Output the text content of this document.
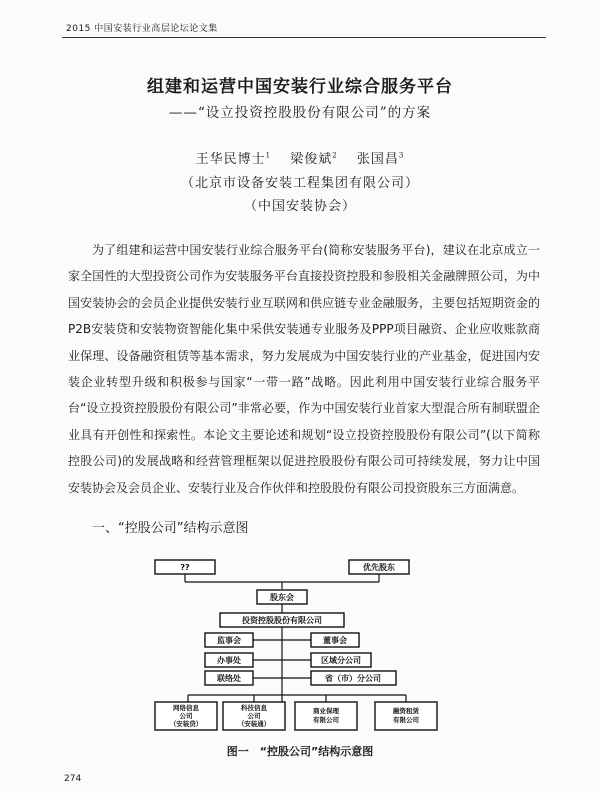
2015 中国安装行业高层论坛论文集
组建和运营中国安装行业综合服务平台
——“设立投资控股股份有限公司”的方案
王华民博士$^1$   梁俊斌$^2$   张国昌$^3$
（北京市设备安装工程集团有限公司）
（中国安装协会）
为了组建和运营中国安装行业综合服务平台(简称安装服务平台)，建议在北京成立一家全国性的大型投资公司作为安装服务平台直接投资控股和参股相关金融牌照公司，为中国安装协会的会员企业提供安装行业互联网和供应链专业金融服务，主要包括短期资金的P2B安装贷和安装物资智能化集中采供安装通专业服务及PPP项目融资、企业应收账款商业保理、设备融资租赁等基本需求，努力发展成为中国安装行业的产业基金，促进国内安装企业转型升级和积极参与国家“一带一路”战略。因此利用中国安装行业综合服务平台“设立投资控股股份有限公司”非常必要，作为中国安装行业首家大型混合所有制联盟企业具有开创性和探索性。本论文主要论述和规划“设立投资控股股份有限公司”(以下简称控股公司)的发展战略和经营管理框架以促进控股股份有限公司可持续发展，努力让中国安装协会及会员企业、安装行业及合作伙伴和控股股份有限公司投资股东三方面满意。
一、“控股公司”结构示意图
??	优先股东
股东会
投资控股股份有限公司
监事会	董事会
办事处	区域分公司
联络处	省（市）分公司
网络信息
公司
（安装贷）
科技信息
公司
（安装通）
商业保理
有限公司
融资租赁
有限公司
图一　“控股公司”结构示意图
274
